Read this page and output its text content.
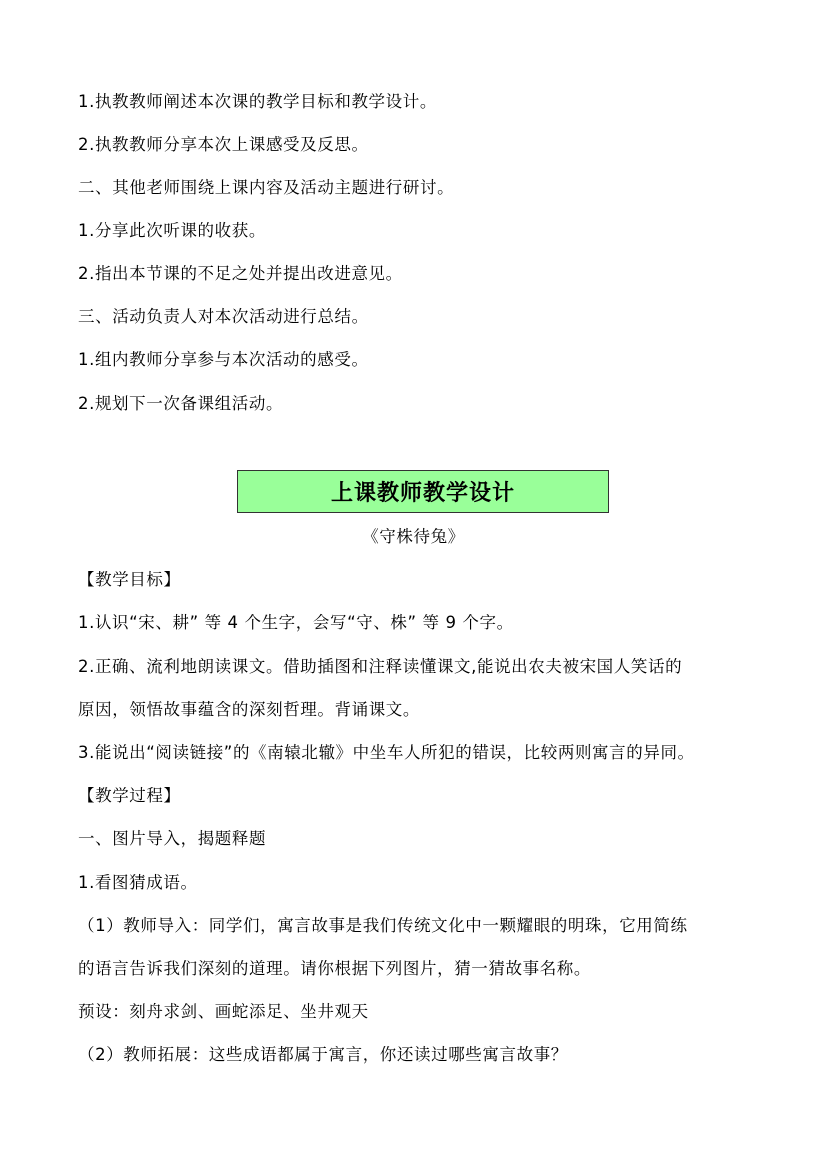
1.执教教师阐述本次课的教学目标和教学设计。
2.执教教师分享本次上课感受及反思。
二、其他老师围绕上课内容及活动主题进行研讨。
1.分享此次听课的收获。
2.指出本节课的不足之处并提出改进意见。
三、活动负责人对本次活动进行总结。
1.组内教师分享参与本次活动的感受。
2.规划下一次备课组活动。
上课教师教学设计
《守株待兔》
【教学目标】
1.认识“宋、耕” 等 4 个生字，会写“守、株” 等 9 个字。
2.正确、流利地朗读课文。借助插图和注释读懂课文,能说出农夫被宋国人笑话的
原因，领悟故事蕴含的深刻哲理。背诵课文。
3.能说出“阅读链接”的《南辕北辙》中坐车人所犯的错误，比较两则寓言的异同。
【教学过程】
一、图片导入，揭题释题
1.看图猜成语。
（1）教师导入：同学们，寓言故事是我们传统文化中一颗耀眼的明珠，它用简练
的语言告诉我们深刻的道理。请你根据下列图片，猜一猜故事名称。
预设：刻舟求剑、画蛇添足、坐井观天
（2）教师拓展：这些成语都属于寓言，你还读过哪些寓言故事？
